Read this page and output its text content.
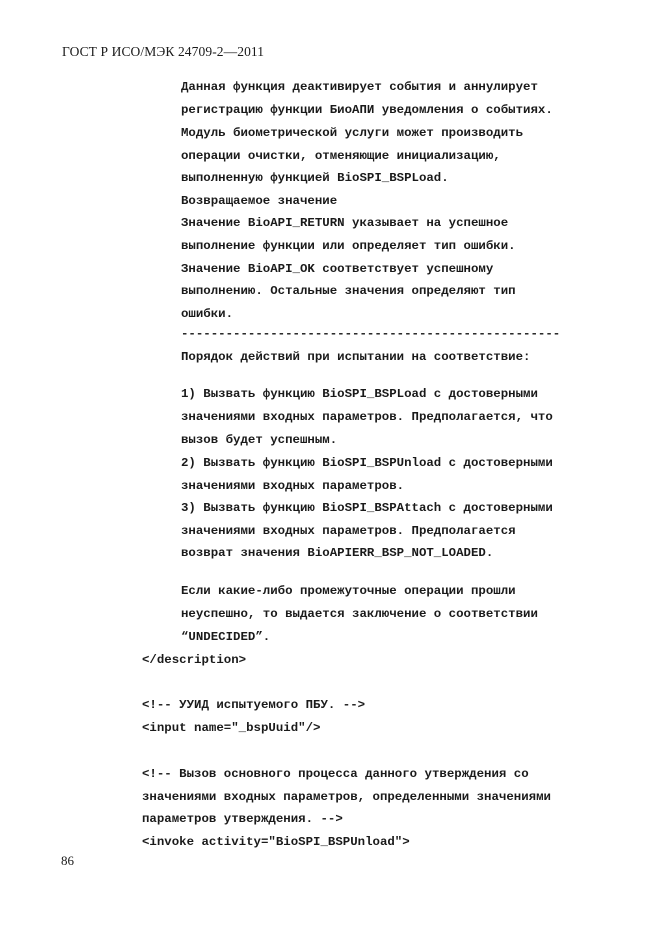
ГОСТ Р ИСО/МЭК 24709-2—2011
Данная функция деактивирует события и аннулирует
регистрацию функции БиоАПИ уведомления о событиях.
Модуль биометрической услуги может производить
операции очистки, отменяющие инициализацию,
выполненную функцией BioSPI_BSPLoad.
Возвращаемое значение
Значение BioAPI_RETURN указывает на успешное
выполнение функции или определяет тип ошибки.
Значение BioAPI_OK соответствует успешному
выполнению. Остальные значения определяют тип
ошибки.
---------------------------------------------------
Порядок действий при испытании на соответствие:
1) Вызвать функцию BioSPI_BSPLoad с достоверными
значениями входных параметров. Предполагается, что
вызов будет успешным.
2) Вызвать функцию BioSPI_BSPUnload с достоверными
значениями входных параметров.
3) Вызвать функцию BioSPI_BSPAttach с достоверными
значениями входных параметров. Предполагается
возврат значения BioAPIERR_BSP_NOT_LOADED.
Если какие-либо промежуточные операции прошли
неуспешно, то выдается заключение о соответствии
“UNDECIDED”.
</description>
<!-- УУИД испытуемого ПБУ. -->
<input name="_bspUuid"/>
<!-- Вызов основного процесса данного утверждения со
значениями входных параметров, определенными значениями
параметров утверждения. -->
<invoke activity="BioSPI_BSPUnload">
86
